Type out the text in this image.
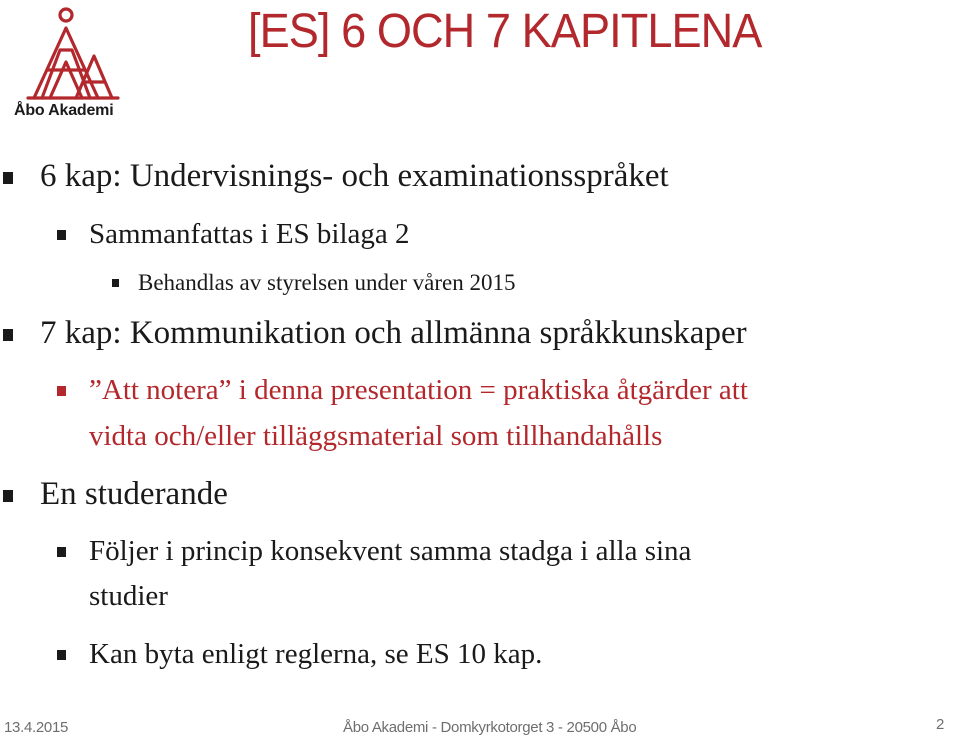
Åbo Akademi
[ES] 6 OCH 7 KAPITLENA
6 kap: Undervisnings- och examinationsspråket
Sammanfattas i ES bilaga 2
Behandlas av styrelsen under våren 2015
7 kap: Kommunikation och allmänna språkkunskaper
”Att notera” i denna presentation = praktiska åtgärder att
vidta och/eller tilläggsmaterial som tillhandahålls
En studerande
Följer i princip konsekvent samma stadga i alla sina
studier
Kan byta enligt reglerna, se ES 10 kap.
13.4.2015	Åbo Akademi - Domkyrkotorget 3 - 20500 Åbo	2
